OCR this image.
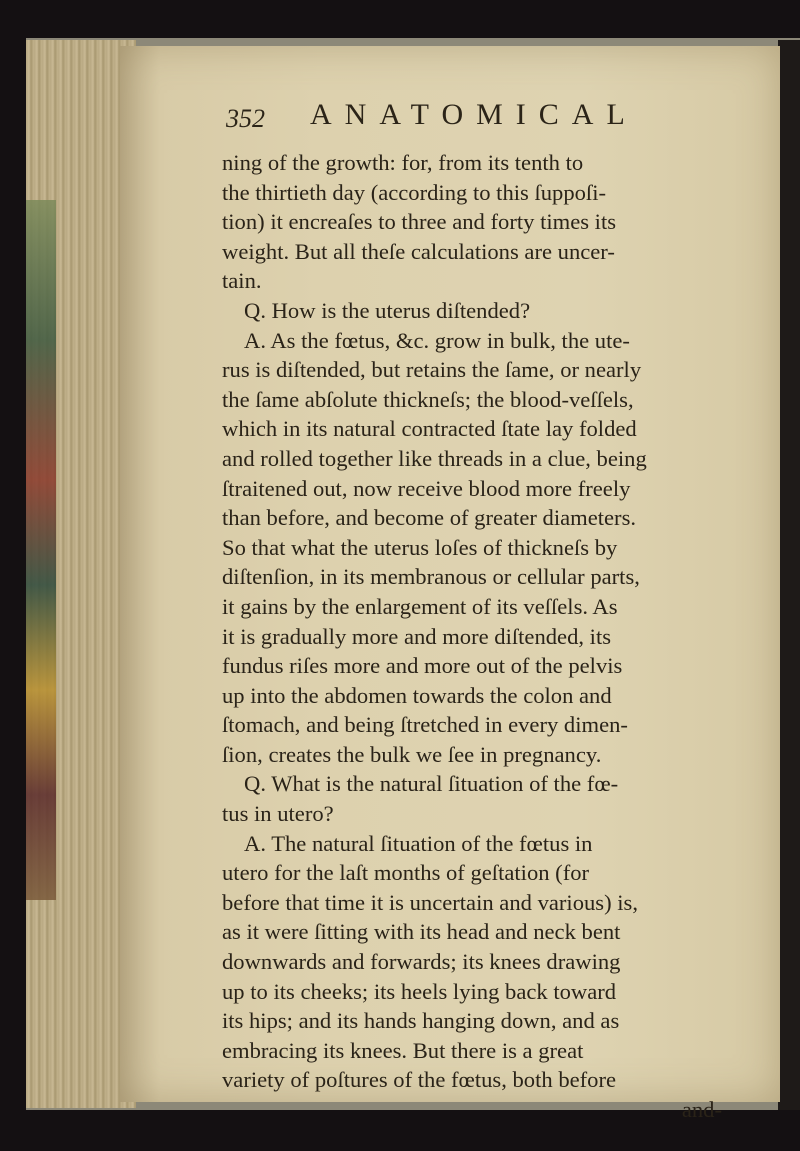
352 ANATOMICAL
ning of the growth: for, from its tenth to
the thirtieth day (according to this ſuppoſi-
tion) it encreaſes to three and forty times its
weight. But all theſe calculations are uncer-
tain.
Q. How is the uterus diſtended?
A. As the fœtus, &c. grow in bulk, the ute-
rus is diſtended, but retains the ſame, or nearly
the ſame abſolute thickneſs; the blood-veſſels,
which in its natural contracted ſtate lay folded
and rolled together like threads in a clue, being
ſtraitened out, now receive blood more freely
than before, and become of greater diameters.
So that what the uterus loſes of thickneſs by
diſtenſion, in its membranous or cellular parts,
it gains by the enlargement of its veſſels. As
it is gradually more and more diſtended, its
fundus riſes more and more out of the pelvis
up into the abdomen towards the colon and
ſtomach, and being ſtretched in every dimen-
ſion, creates the bulk we ſee in pregnancy.
Q. What is the natural ſituation of the fœ-
tus in utero?
A. The natural ſituation of the fœtus in
utero for the laſt months of geſtation (for
before that time it is uncertain and various) is,
as it were ſitting with its head and neck bent
downwards and forwards; its knees drawing
up to its cheeks; its heels lying back toward
its hips; and its hands hanging down, and as
embracing its knees. But there is a great
variety of poſtures of the fœtus, both before
and-
